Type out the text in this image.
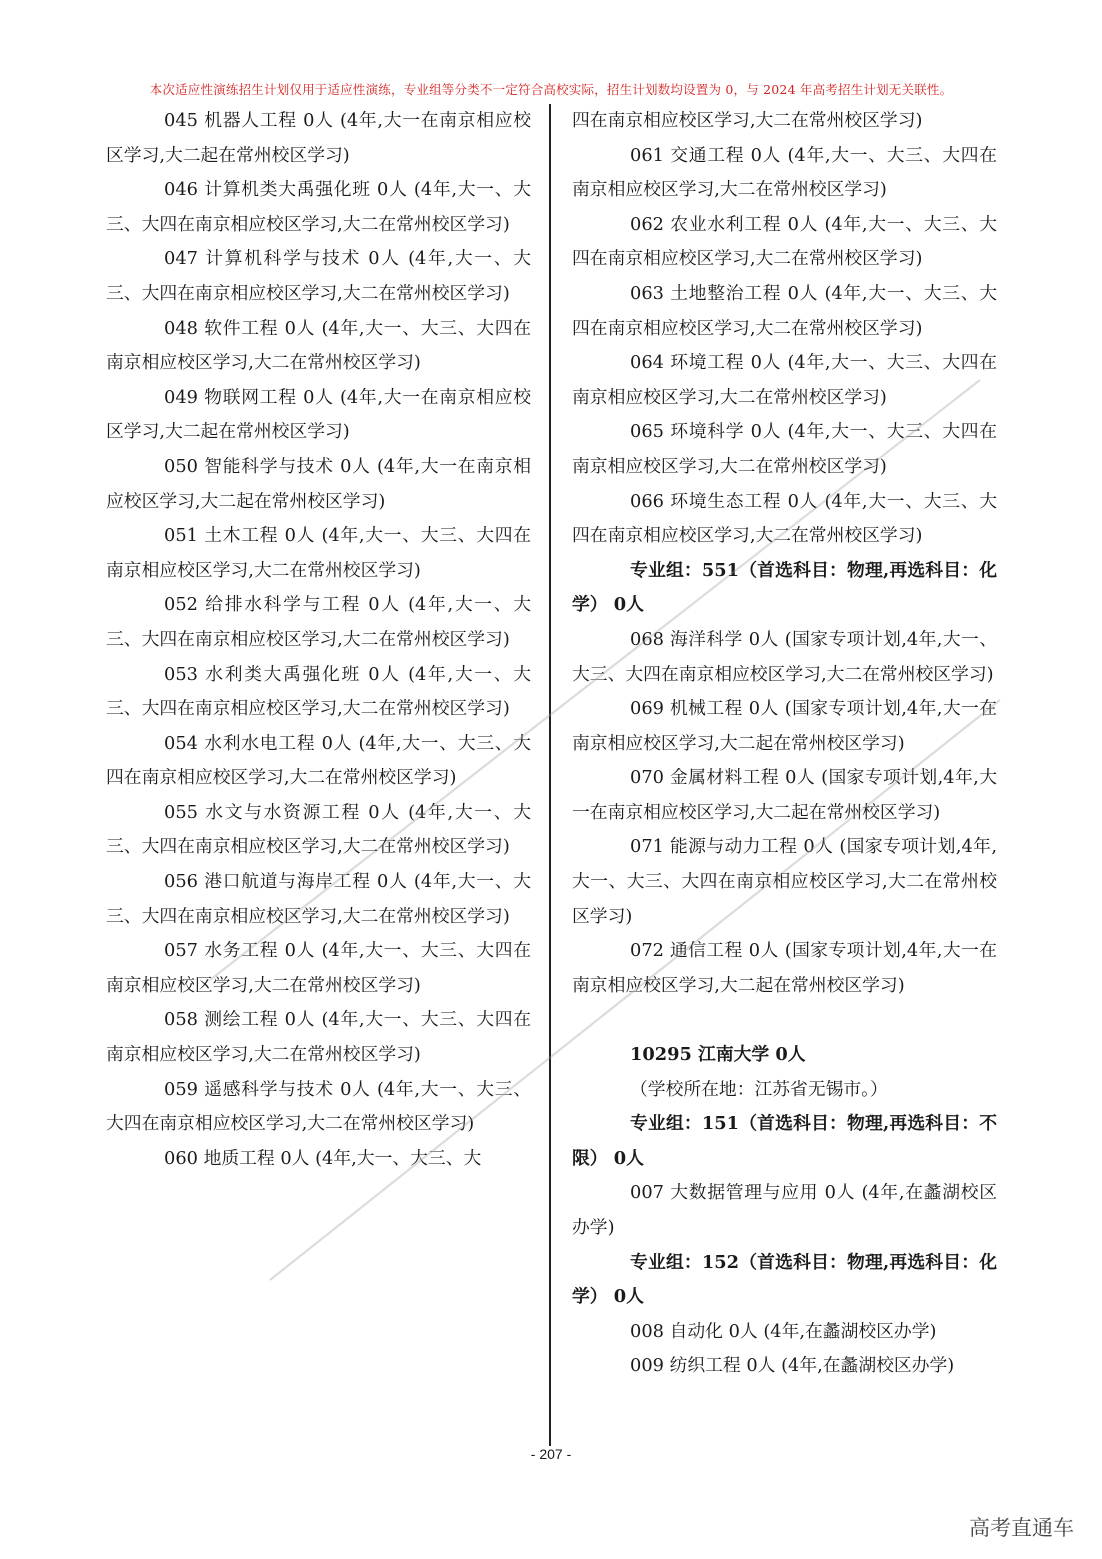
本次适应性演练招生计划仅用于适应性演练，专业组等分类不一定符合高校实际，招生计划数均设置为 0，与 2024 年高考招生计划无关联性。

045 机器人工程 0人 (4年,大一在南京相应校区学习,大二起在常州校区学习)

046 计算机类大禹强化班 0人 (4年,大一、大三、大四在南京相应校区学习,大二在常州校区学习)

047 计算机科学与技术 0人 (4年,大一、大三、大四在南京相应校区学习,大二在常州校区学习)

048 软件工程 0人 (4年,大一、大三、大四在南京相应校区学习,大二在常州校区学习)

049 物联网工程 0人 (4年,大一在南京相应校区学习,大二起在常州校区学习)

050 智能科学与技术 0人 (4年,大一在南京相应校区学习,大二起在常州校区学习)

051 土木工程 0人 (4年,大一、大三、大四在南京相应校区学习,大二在常州校区学习)

052 给排水科学与工程 0人 (4年,大一、大三、大四在南京相应校区学习,大二在常州校区学习)

053 水利类大禹强化班 0人 (4年,大一、大三、大四在南京相应校区学习,大二在常州校区学习)

054 水利水电工程 0人 (4年,大一、大三、大四在南京相应校区学习,大二在常州校区学习)

055 水文与水资源工程 0人 (4年,大一、大三、大四在南京相应校区学习,大二在常州校区学习)

056 港口航道与海岸工程 0人 (4年,大一、大三、大四在南京相应校区学习,大二在常州校区学习)

057 水务工程 0人 (4年,大一、大三、大四在南京相应校区学习,大二在常州校区学习)

058 测绘工程 0人 (4年,大一、大三、大四在南京相应校区学习,大二在常州校区学习)

059 遥感科学与技术 0人 (4年,大一、大三、大四在南京相应校区学习,大二在常州校区学习)

060 地质工程 0人 (4年,大一、大三、大

四在南京相应校区学习,大二在常州校区学习)

061 交通工程 0人 (4年,大一、大三、大四在南京相应校区学习,大二在常州校区学习)

062 农业水利工程 0人 (4年,大一、大三、大四在南京相应校区学习,大二在常州校区学习)

063 土地整治工程 0人 (4年,大一、大三、大四在南京相应校区学习,大二在常州校区学习)

064 环境工程 0人 (4年,大一、大三、大四在南京相应校区学习,大二在常州校区学习)

065 环境科学 0人 (4年,大一、大三、大四在南京相应校区学习,大二在常州校区学习)

066 环境生态工程 0人 (4年,大一、大三、大四在南京相应校区学习,大二在常州校区学习)

专业组：551（首选科目：物理,再选科目：化学） 0人

068 海洋科学 0人 (国家专项计划,4年,大一、大三、大四在南京相应校区学习,大二在常州校区学习)

069 机械工程 0人 (国家专项计划,4年,大一在南京相应校区学习,大二起在常州校区学习)

070 金属材料工程 0人 (国家专项计划,4年,大一在南京相应校区学习,大二起在常州校区学习)

071 能源与动力工程 0人 (国家专项计划,4年,大一、大三、大四在南京相应校区学习,大二在常州校区学习)

072 通信工程 0人 (国家专项计划,4年,大一在南京相应校区学习,大二起在常州校区学习)

10295 江南大学 0人

（学校所在地：江苏省无锡市。）

专业组：151（首选科目：物理,再选科目：不限） 0人

007 大数据管理与应用 0人 (4年,在蠡湖校区办学)

专业组：152（首选科目：物理,再选科目：化学） 0人

008 自动化 0人 (4年,在蠡湖校区办学)

009 纺织工程 0人 (4年,在蠡湖校区办学)

- 207 -
高考直通车
